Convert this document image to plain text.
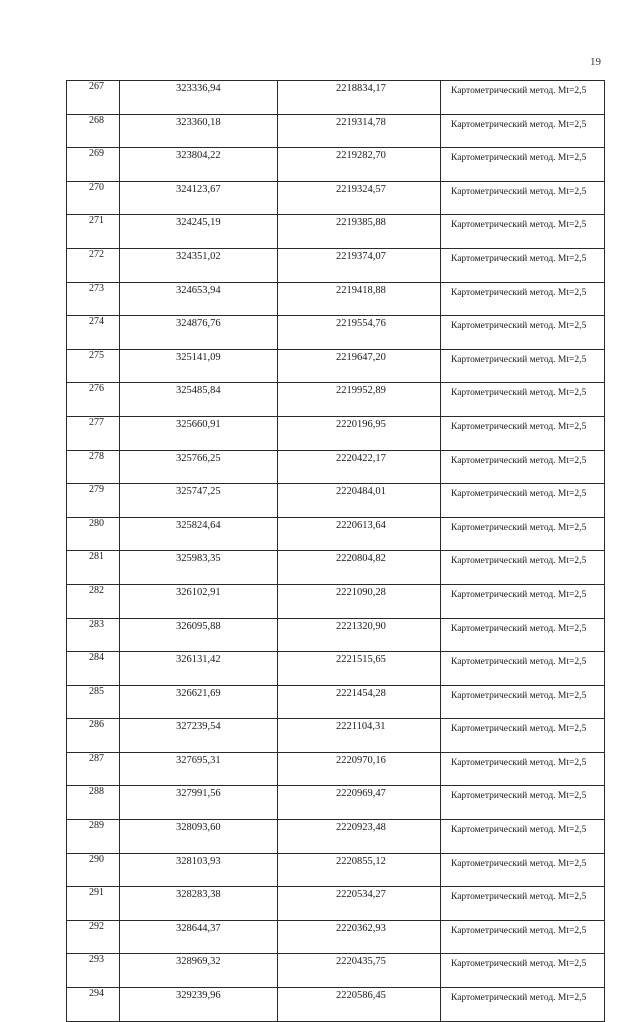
19
267	323336,94	2218834,17	Картометрический метод. Mt=2,5
268	323360,18	2219314,78	Картометрический метод. Mt=2,5
269	323804,22	2219282,70	Картометрический метод. Mt=2,5
270	324123,67	2219324,57	Картометрический метод. Mt=2,5
271	324245,19	2219385,88	Картометрический метод. Mt=2,5
272	324351,02	2219374,07	Картометрический метод. Mt=2,5
273	324653,94	2219418,88	Картометрический метод. Mt=2,5
274	324876,76	2219554,76	Картометрический метод. Mt=2,5
275	325141,09	2219647,20	Картометрический метод. Mt=2,5
276	325485,84	2219952,89	Картометрический метод. Mt=2,5
277	325660,91	2220196,95	Картометрический метод. Mt=2,5
278	325766,25	2220422,17	Картометрический метод. Mt=2,5
279	325747,25	2220484,01	Картометрический метод. Mt=2,5
280	325824,64	2220613,64	Картометрический метод. Mt=2,5
281	325983,35	2220804,82	Картометрический метод. Mt=2,5
282	326102,91	2221090,28	Картометрический метод. Mt=2,5
283	326095,88	2221320,90	Картометрический метод. Mt=2,5
284	326131,42	2221515,65	Картометрический метод. Mt=2,5
285	326621,69	2221454,28	Картометрический метод. Mt=2,5
286	327239,54	2221104,31	Картометрический метод. Mt=2,5
287	327695,31	2220970,16	Картометрический метод. Mt=2,5
288	327991,56	2220969,47	Картометрический метод. Mt=2,5
289	328093,60	2220923,48	Картометрический метод. Mt=2,5
290	328103,93	2220855,12	Картометрический метод. Mt=2,5
291	328283,38	2220534,27	Картометрический метод. Mt=2,5
292	328644,37	2220362,93	Картометрический метод. Mt=2,5
293	328969,32	2220435,75	Картометрический метод. Mt=2,5
294	329239,96	2220586,45	Картометрический метод. Mt=2,5
